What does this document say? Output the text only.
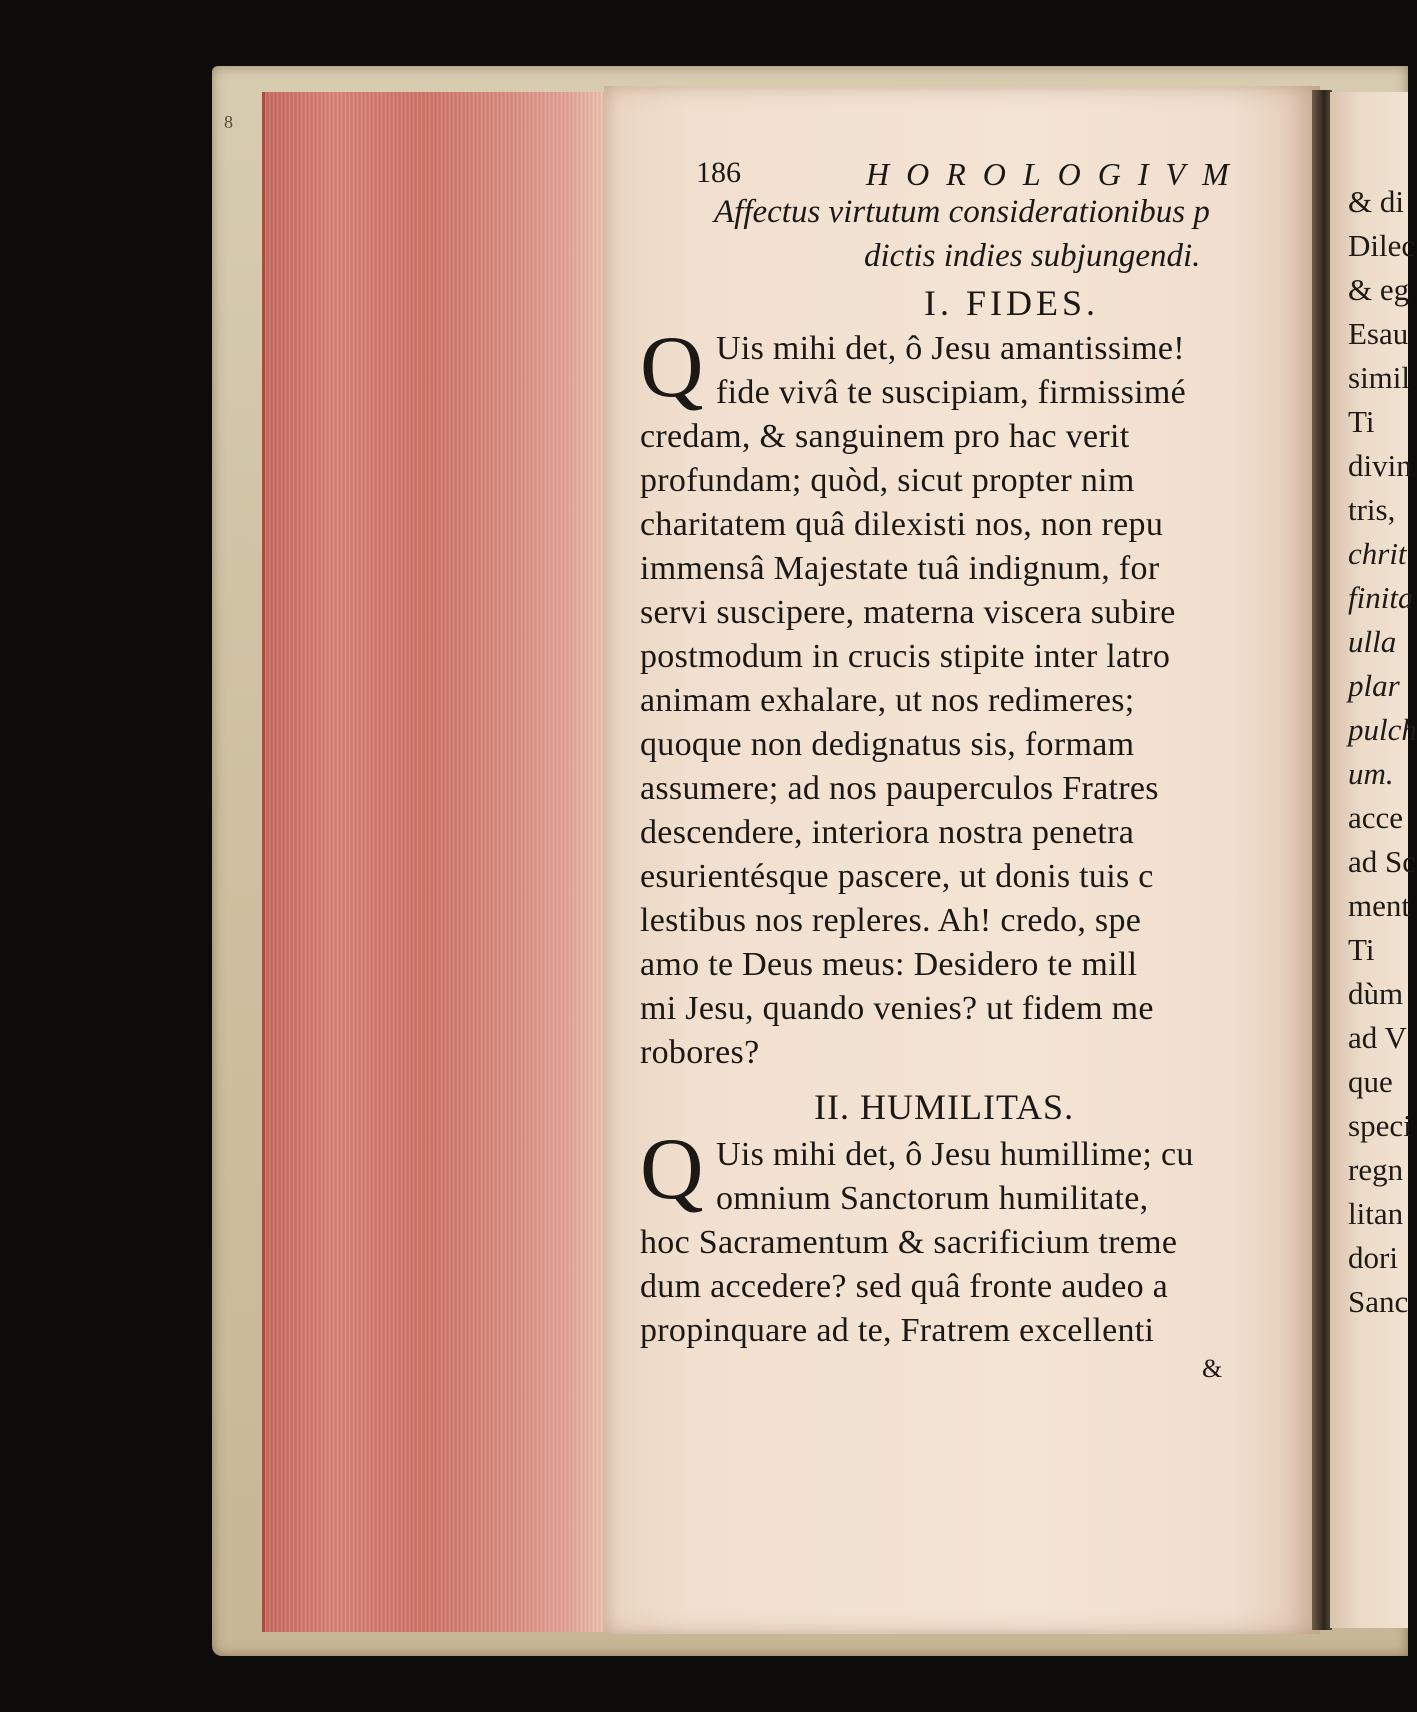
8
186	HOROLOGIVM
Affectus virtutum considerationibus p
dictis indies subjungendi.
I. FIDES.
Q Uis mihi det, ô Jesu amantissime!
fide vivâ te suscipiam, firmissimé
credam, & sanguinem pro hac verit
profundam; quòd, sicut propter nim
charitatem quâ dilexisti nos, non repu
immensâ Majestate tuâ indignum, for
servi suscipere, materna viscera subire
postmodum in crucis stipite inter latro
animam exhalare, ut nos redimeres;
quoque non dedignatus sis, formam
assumere; ad nos pauperculos Fratres
descendere, interiora nostra penetra
esurientésque pascere, ut donis tuis c
lestibus nos repleres. Ah! credo, spe
amo te Deus meus: Desidero te mill
mi Jesu, quando venies? ut fidem me
robores?
II. HUMILITAS.
Q Uis mihi det, ô Jesu humillime; cu
omnium Sanctorum humilitate,
hoc Sacramentum & sacrificium treme
dum accedere? sed quâ fronte audeo a
propinquare ad te, Fratrem excellenti
&
& di
Dilec
& eg
Esau
simil
Ti
divin
tris,
chrit
finita
ulla
plar
pulch
um.
acce
ad Sc
ment
Ti
dùm
ad V
que
speci
regn
litan
dori
Sanc
